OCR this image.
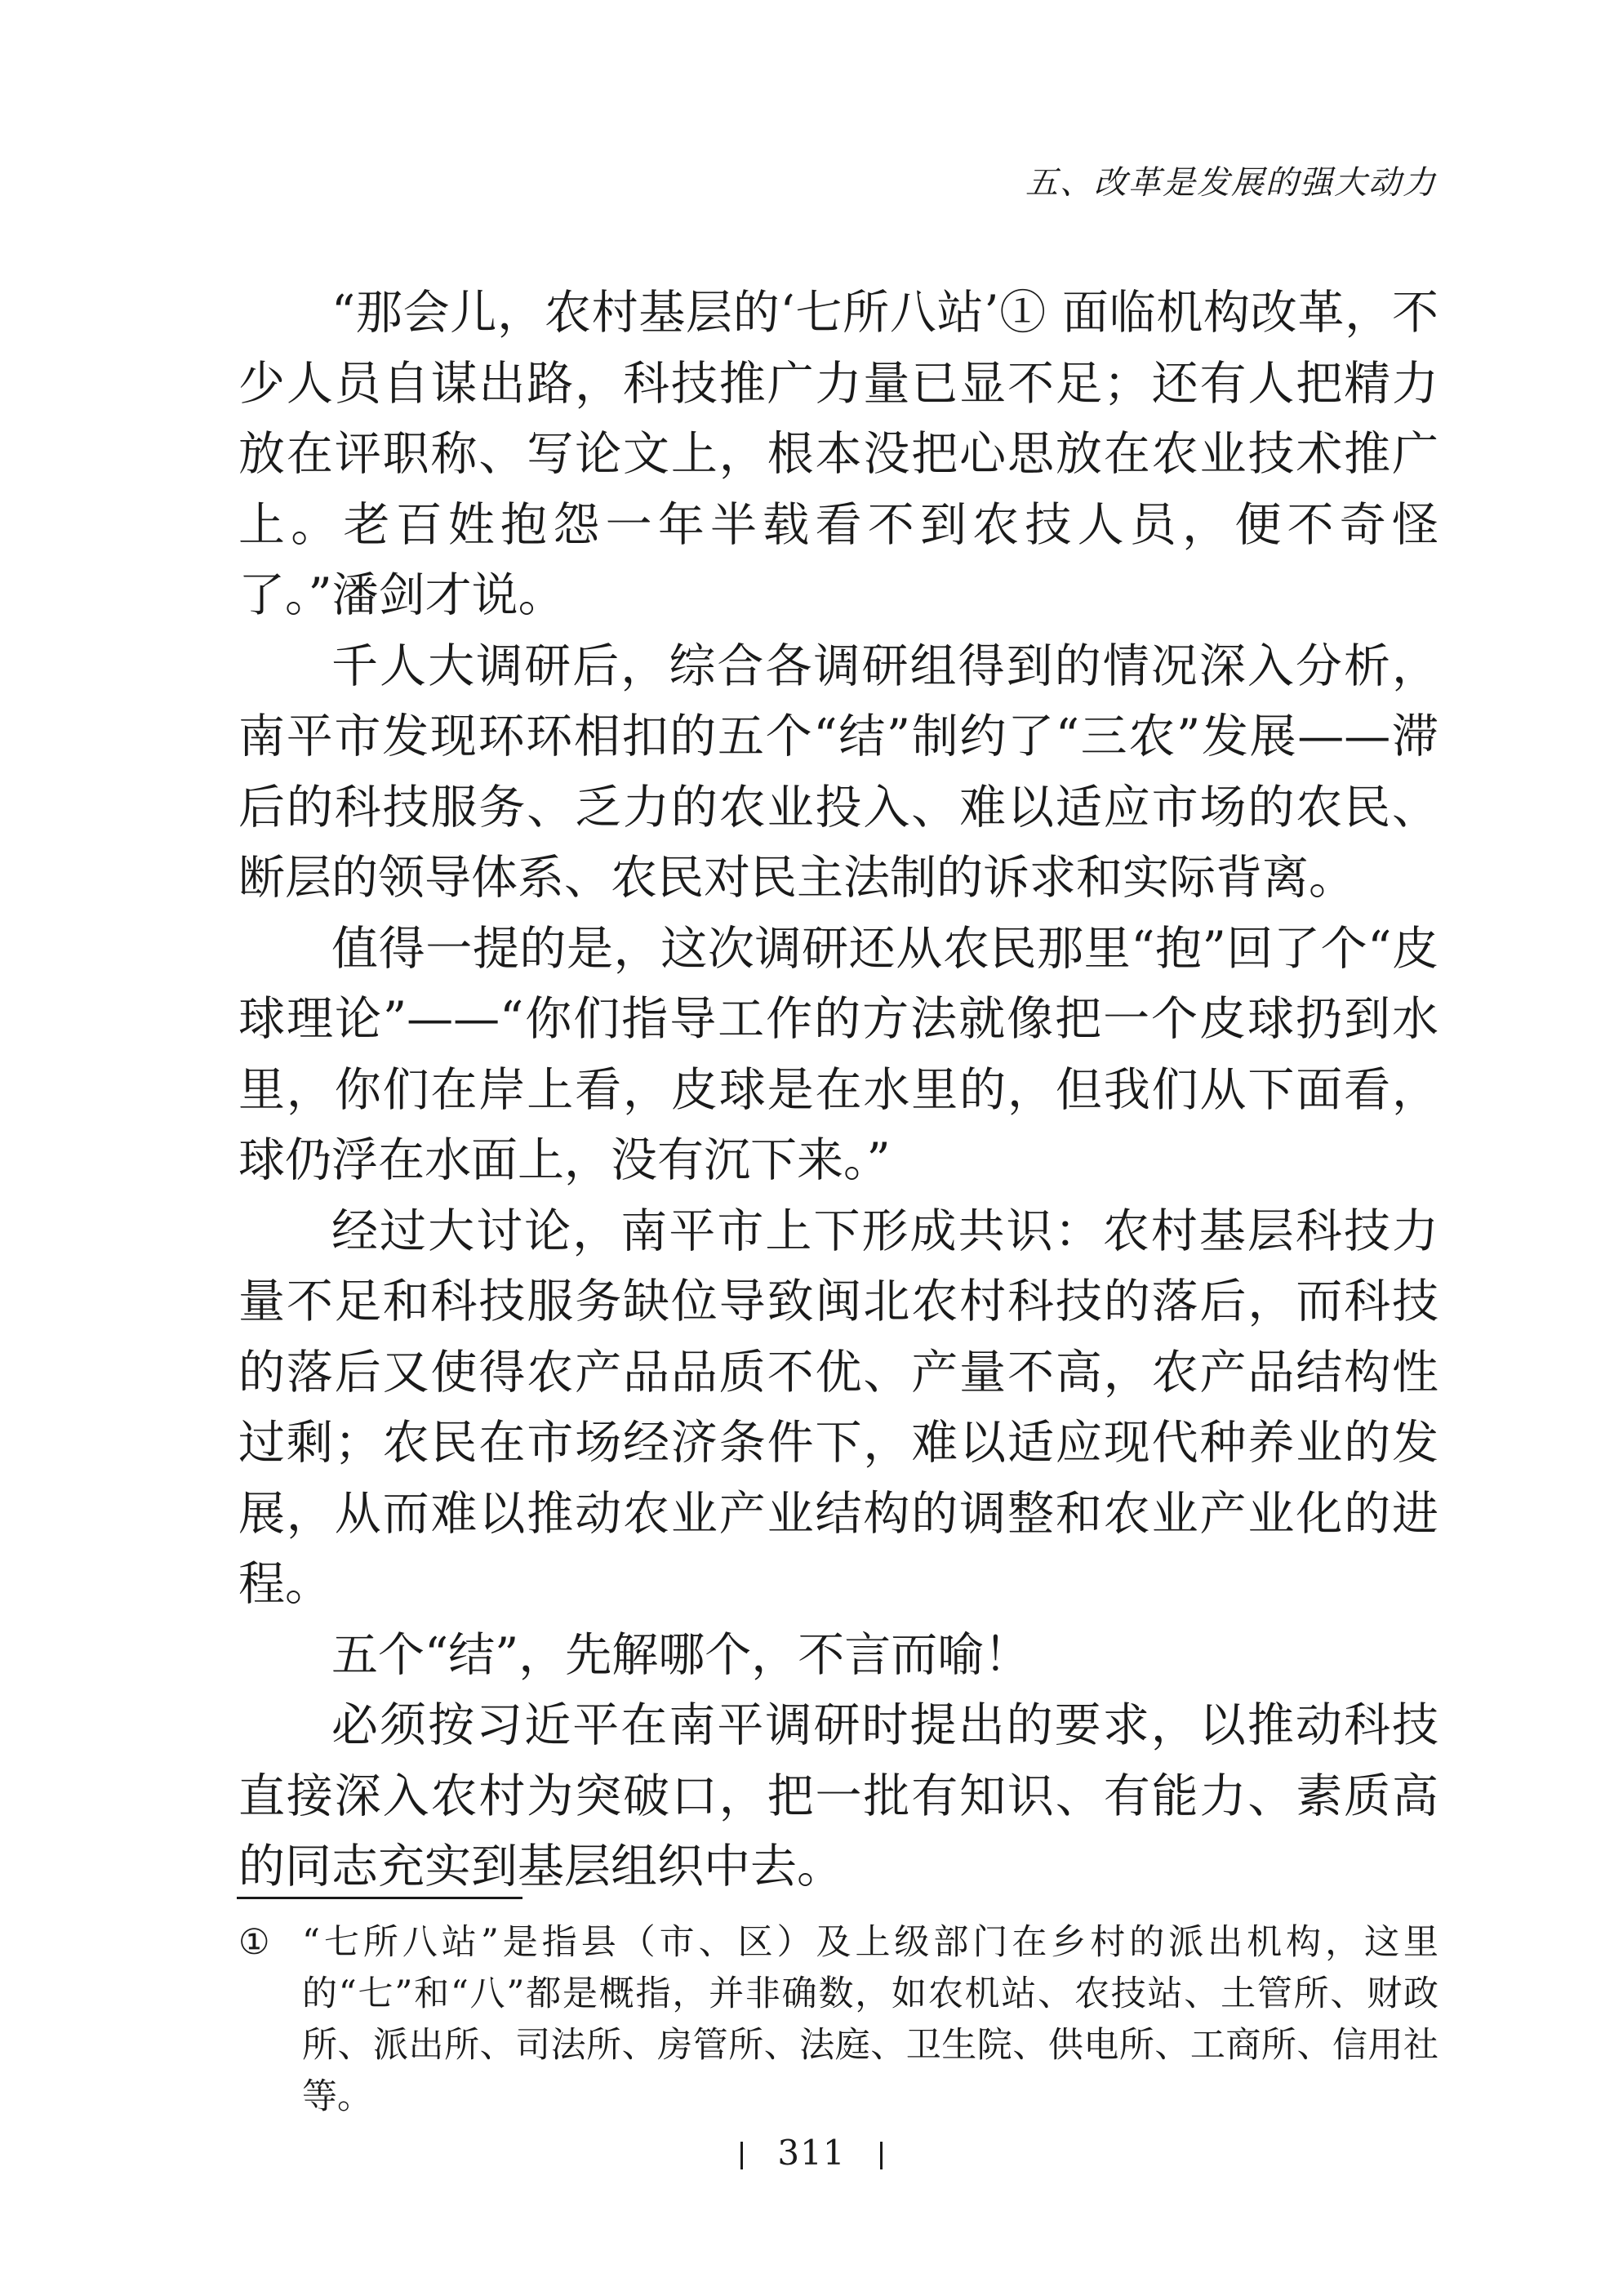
五、改革是发展的强大动力

“那会儿，农村基层的‘七所八站’① 面临机构改革，不少人员自谋出路，科技推广力量已显不足；还有人把精力放在评职称、写论文上，根本没把心思放在农业技术推广上。老百姓抱怨一年半载看不到农技人员，便不奇怪了。”潘剑才说。

千人大调研后，综合各调研组得到的情况深入分析，南平市发现环环相扣的五个“结”制约了“三农”发展——滞后的科技服务、乏力的农业投入、难以适应市场的农民、断层的领导体系、农民对民主法制的诉求和实际背离。

值得一提的是，这次调研还从农民那里“抱”回了个“皮球理论”——“你们指导工作的方法就像把一个皮球扔到水里，你们在岸上看，皮球是在水里的，但我们从下面看，球仍浮在水面上，没有沉下来。”

经过大讨论，南平市上下形成共识：农村基层科技力量不足和科技服务缺位导致闽北农村科技的落后，而科技的落后又使得农产品品质不优、产量不高，农产品结构性过剩；农民在市场经济条件下，难以适应现代种养业的发展，从而难以推动农业产业结构的调整和农业产业化的进程。

五个“结”，先解哪个，不言而喻！

必须按习近平在南平调研时提出的要求，以推动科技直接深入农村为突破口，把一批有知识、有能力、素质高的同志充实到基层组织中去。

① “七所八站”是指县（市、区）及上级部门在乡村的派出机构，这里的“七”和“八”都是概指，并非确数，如农机站、农技站、土管所、财政所、派出所、司法所、房管所、法庭、卫生院、供电所、工商所、信用社等。
311
